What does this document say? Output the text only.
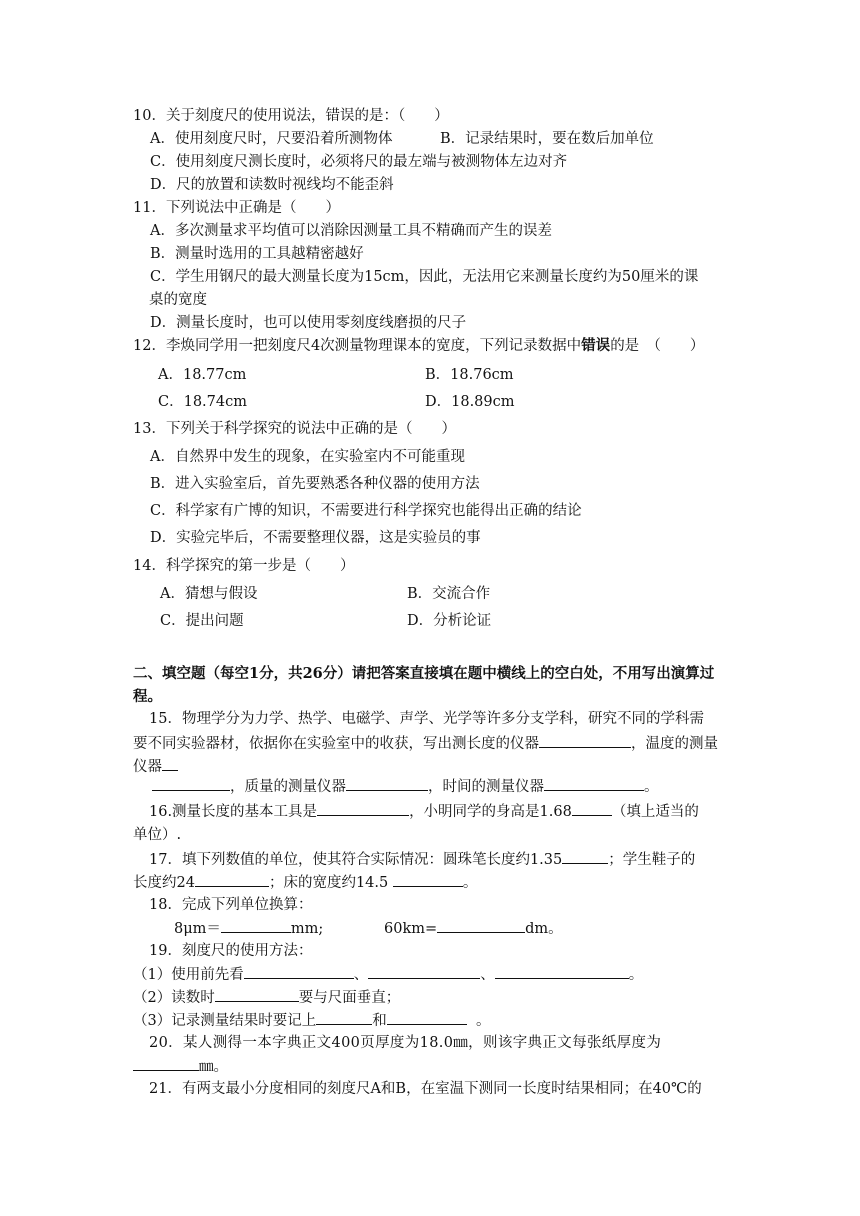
10．关于刻度尺的使用说法，错误的是：（　　）
A．使用刻度尺时，尺要沿着所测物体	B．记录结果时，要在数后加单位
C．使用刻度尺测长度时，必须将尺的最左端与被测物体左边对齐
D．尺的放置和读数时视线均不能歪斜
11．下列说法中正确是（　　）
A．多次测量求平均值可以消除因测量工具不精确而产生的误差
B．测量时选用的工具越精密越好
C．学生用钢尺的最大测量长度为15cm，因此，无法用它来测量长度约为50厘米的课
桌的宽度
D．测量长度时，也可以使用零刻度线磨损的尺子
12．李焕同学用一把刻度尺4次测量物理课本的宽度，下列记录数据中错误的是　（　　）
A．18.77cm	B．18.76cm
C．18.74cm	D．18.89cm
13．下列关于科学探究的说法中正确的是（　　）
A．自然界中发生的现象，在实验室内不可能重现
B．进入实验室后，首先要熟悉各种仪器的使用方法
C．科学家有广博的知识，不需要进行科学探究也能得出正确的结论
D．实验完毕后，不需要整理仪器，这是实验员的事
14．科学探究的第一步是（　　）
A．猜想与假设	B．交流合作
C．提出问题	D．分析论证
二、填空题（每空1分，共26分）请把答案直接填在题中横线上的空白处，不用写出演算过程。
15．物理学分为力学、热学、电磁学、声学、光学等许多分支学科，研究不同的学科需
要不同实验器材，依据你在实验室中的收获，写出测长度的仪器	，温度的测量
仪器
，质量的测量仪器	，时间的测量仪器	。
16.测量长度的基本工具是	，小明同学的身高是1.68	（填上适当的
单位）.
17．填下列数值的单位，使其符合实际情况：圆珠笔长度约1.35	；学生鞋子的
长度约24	；床的宽度约14.5	。
18．完成下列单位换算：
8μm＝	mm;	60km=	dm。
19．刻度尺的使用方法：
（1）使用前先看	、	、	。
（2）读数时	要与尺面垂直；
（3）记录测量结果时要记上	和	。
20．某人测得一本字典正文400页厚度为18.0㎜，则该字典正文每张纸厚度为
㎜。
21．有两支最小分度相同的刻度尺A和B，在室温下测同一长度时结果相同；在40℃的
